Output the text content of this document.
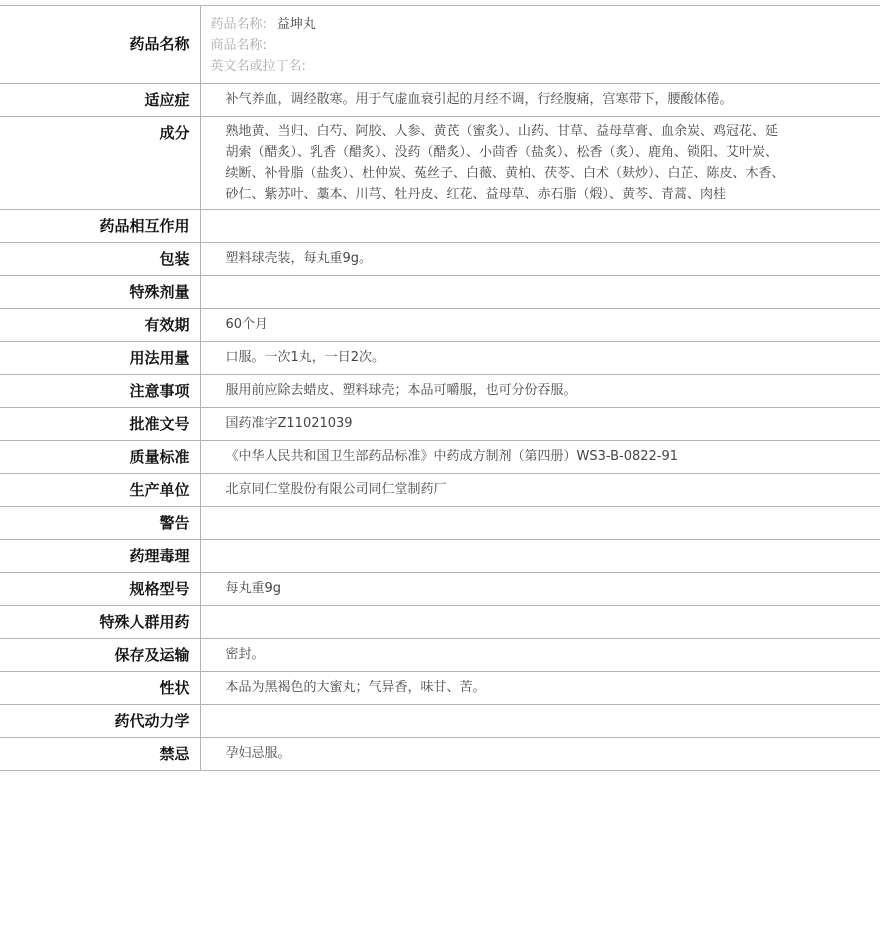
药品名称	药品名称: 益坤丸
商品名称:
英文名或拉丁名:

适应症	补气养血，调经散寒。用于气虚血衰引起的月经不调，行经腹痛，宫寒带下，腰酸体倦。
成分	熟地黄、当归、白芍、阿胶、人参、黄芪（蜜炙）、山药、甘草、益母草膏、血余炭、鸡冠花、延胡索（醋炙）、乳香（醋炙）、没药（醋炙）、小茴香（盐炙）、松香（炙）、鹿角、锁阳、艾叶炭、续断、补骨脂（盐炙）、杜仲炭、菟丝子、白薇、黄柏、茯苓、白术（麸炒）、白芷、陈皮、木香、砂仁、紫苏叶、藁本、川芎、牡丹皮、红花、益母草、赤石脂（煅）、黄芩、青蒿、肉桂
药品相互作用	
包装	塑料球壳装，每丸重9g。
特殊剂量	
有效期	60个月
用法用量	口服。一次1丸，一日2次。
注意事项	服用前应除去蜡皮、塑料球壳；本品可嚼服，也可分份吞服。
批准文号	国药准字Z11021039
质量标准	《中华人民共和国卫生部药品标准》中药成方制剂（第四册）WS3-B-0822-91
生产单位	北京同仁堂股份有限公司同仁堂制药厂
警告	
药理毒理	
规格型号	每丸重9g
特殊人群用药	
保存及运输	密封。
性状	本品为黑褐色的大蜜丸；气异香，味甘、苦。
药代动力学	
禁忌	孕妇忌服。
